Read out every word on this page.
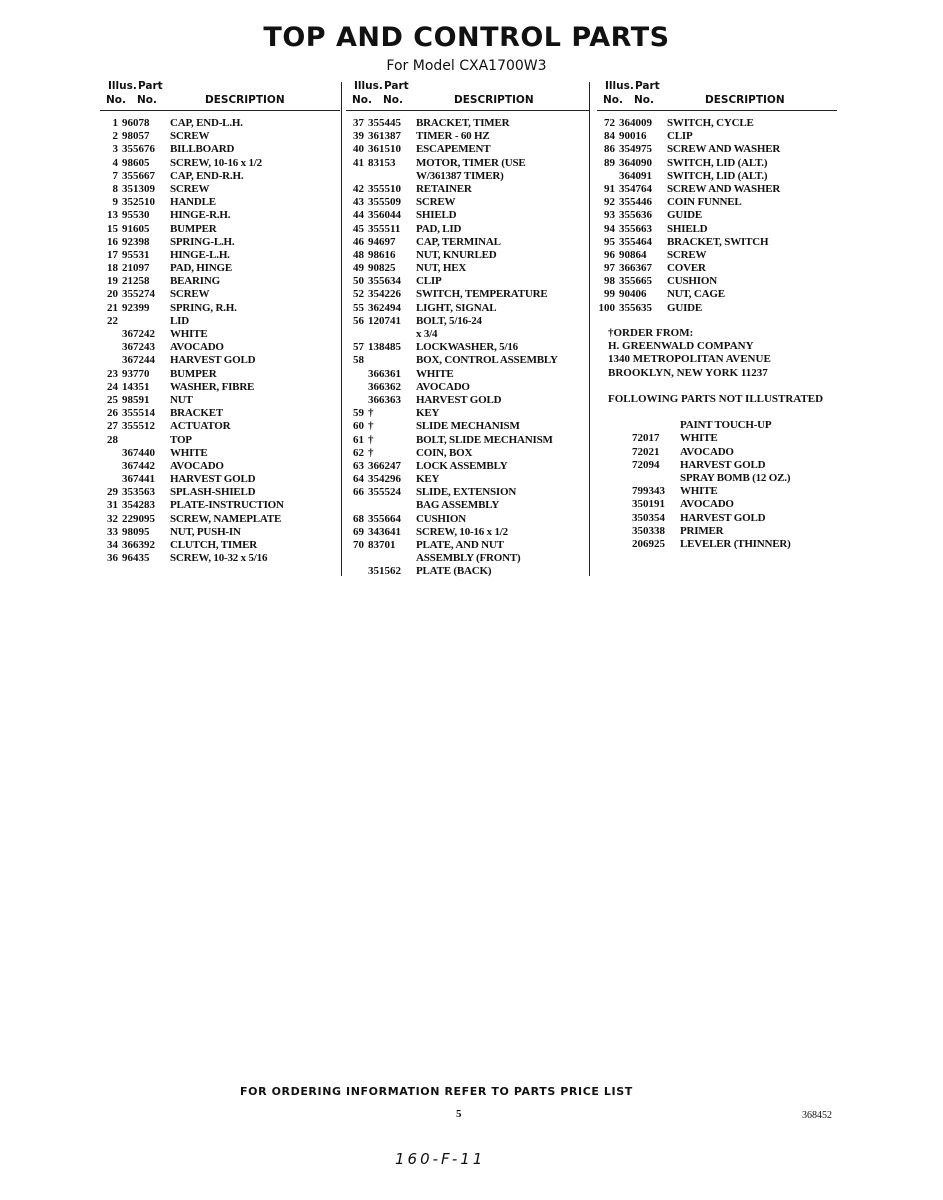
TOP AND CONTROL PARTS
For Model CXA1700W3
Illus. Part
No. No.	DESCRIPTION
1 96078	CAP, END-L.H.
2 98057	SCREW
3 355676	BILLBOARD
4 98605	SCREW, 10-16 x 1/2
7 355667	CAP, END-R.H.
8 351309	SCREW
9 352510	HANDLE
13 95530	HINGE-R.H.
15 91605	BUMPER
16 92398	SPRING-L.H.
17 95531	HINGE-L.H.
18 21097	PAD, HINGE
19 21258	BEARING
20 355274	SCREW
21 92399	SPRING, R.H.
22	LID
367242	WHITE
367243	AVOCADO
367244	HARVEST GOLD
23 93770	BUMPER
24 14351	WASHER, FIBRE
25 98591	NUT
26 355514	BRACKET
27 355512	ACTUATOR
28	TOP
367440	WHITE
367442	AVOCADO
367441	HARVEST GOLD
29 353563	SPLASH-SHIELD
31 354283	PLATE-INSTRUCTION
32 229095	SCREW, NAMEPLATE
33 98095	NUT, PUSH-IN
34 366392	CLUTCH, TIMER
36 96435	SCREW, 10-32 x 5/16
Illus. Part
No. No.	DESCRIPTION
37 355445	BRACKET, TIMER
39 361387	TIMER - 60 HZ
40 361510	ESCAPEMENT
41 83153	MOTOR, TIMER (USE
W/361387 TIMER)
42 355510	RETAINER
43 355509	SCREW
44 356044	SHIELD
45 355511	PAD, LID
46 94697	CAP, TERMINAL
48 98616	NUT, KNURLED
49 90825	NUT, HEX
50 355634	CLIP
52 354226	SWITCH, TEMPERATURE
55 362494	LIGHT, SIGNAL
56 120741	BOLT, 5/16-24
x 3/4
57 138485	LOCKWASHER, 5/16
58	BOX, CONTROL ASSEMBLY
366361	WHITE
366362	AVOCADO
366363	HARVEST GOLD
59 †	KEY
60 †	SLIDE MECHANISM
61 †	BOLT, SLIDE MECHANISM
62 †	COIN, BOX
63 366247	LOCK ASSEMBLY
64 354296	KEY
66 355524	SLIDE, EXTENSION
BAG ASSEMBLY
68 355664	CUSHION
69 343641	SCREW, 10-16 x 1/2
70 83701	PLATE, AND NUT
ASSEMBLY (FRONT)
351562	PLATE (BACK)
Illus. Part
No. No.	DESCRIPTION
72 364009	SWITCH, CYCLE
84 90016	CLIP
86 354975	SCREW AND WASHER
89 364090	SWITCH, LID (ALT.)
364091	SWITCH, LID (ALT.)
91 354764	SCREW AND WASHER
92 355446	COIN FUNNEL
93 355636	GUIDE
94 355663	SHIELD
95 355464	BRACKET, SWITCH
96 90864	SCREW
97 366367	COVER
98 355665	CUSHION
99 90406	NUT, CAGE
100 355635	GUIDE
†ORDER FROM:
H. GREENWALD COMPANY
1340 METROPOLITAN AVENUE
BROOKLYN, NEW YORK 11237
FOLLOWING PARTS NOT ILLUSTRATED
PAINT TOUCH-UP
72017	WHITE
72021	AVOCADO
72094	HARVEST GOLD
SPRAY BOMB (12 OZ.)
799343	WHITE
350191	AVOCADO
350354	HARVEST GOLD
350338	PRIMER
206925	LEVELER (THINNER)
FOR ORDERING INFORMATION REFER TO PARTS PRICE LIST
5	368452
160-F-11
